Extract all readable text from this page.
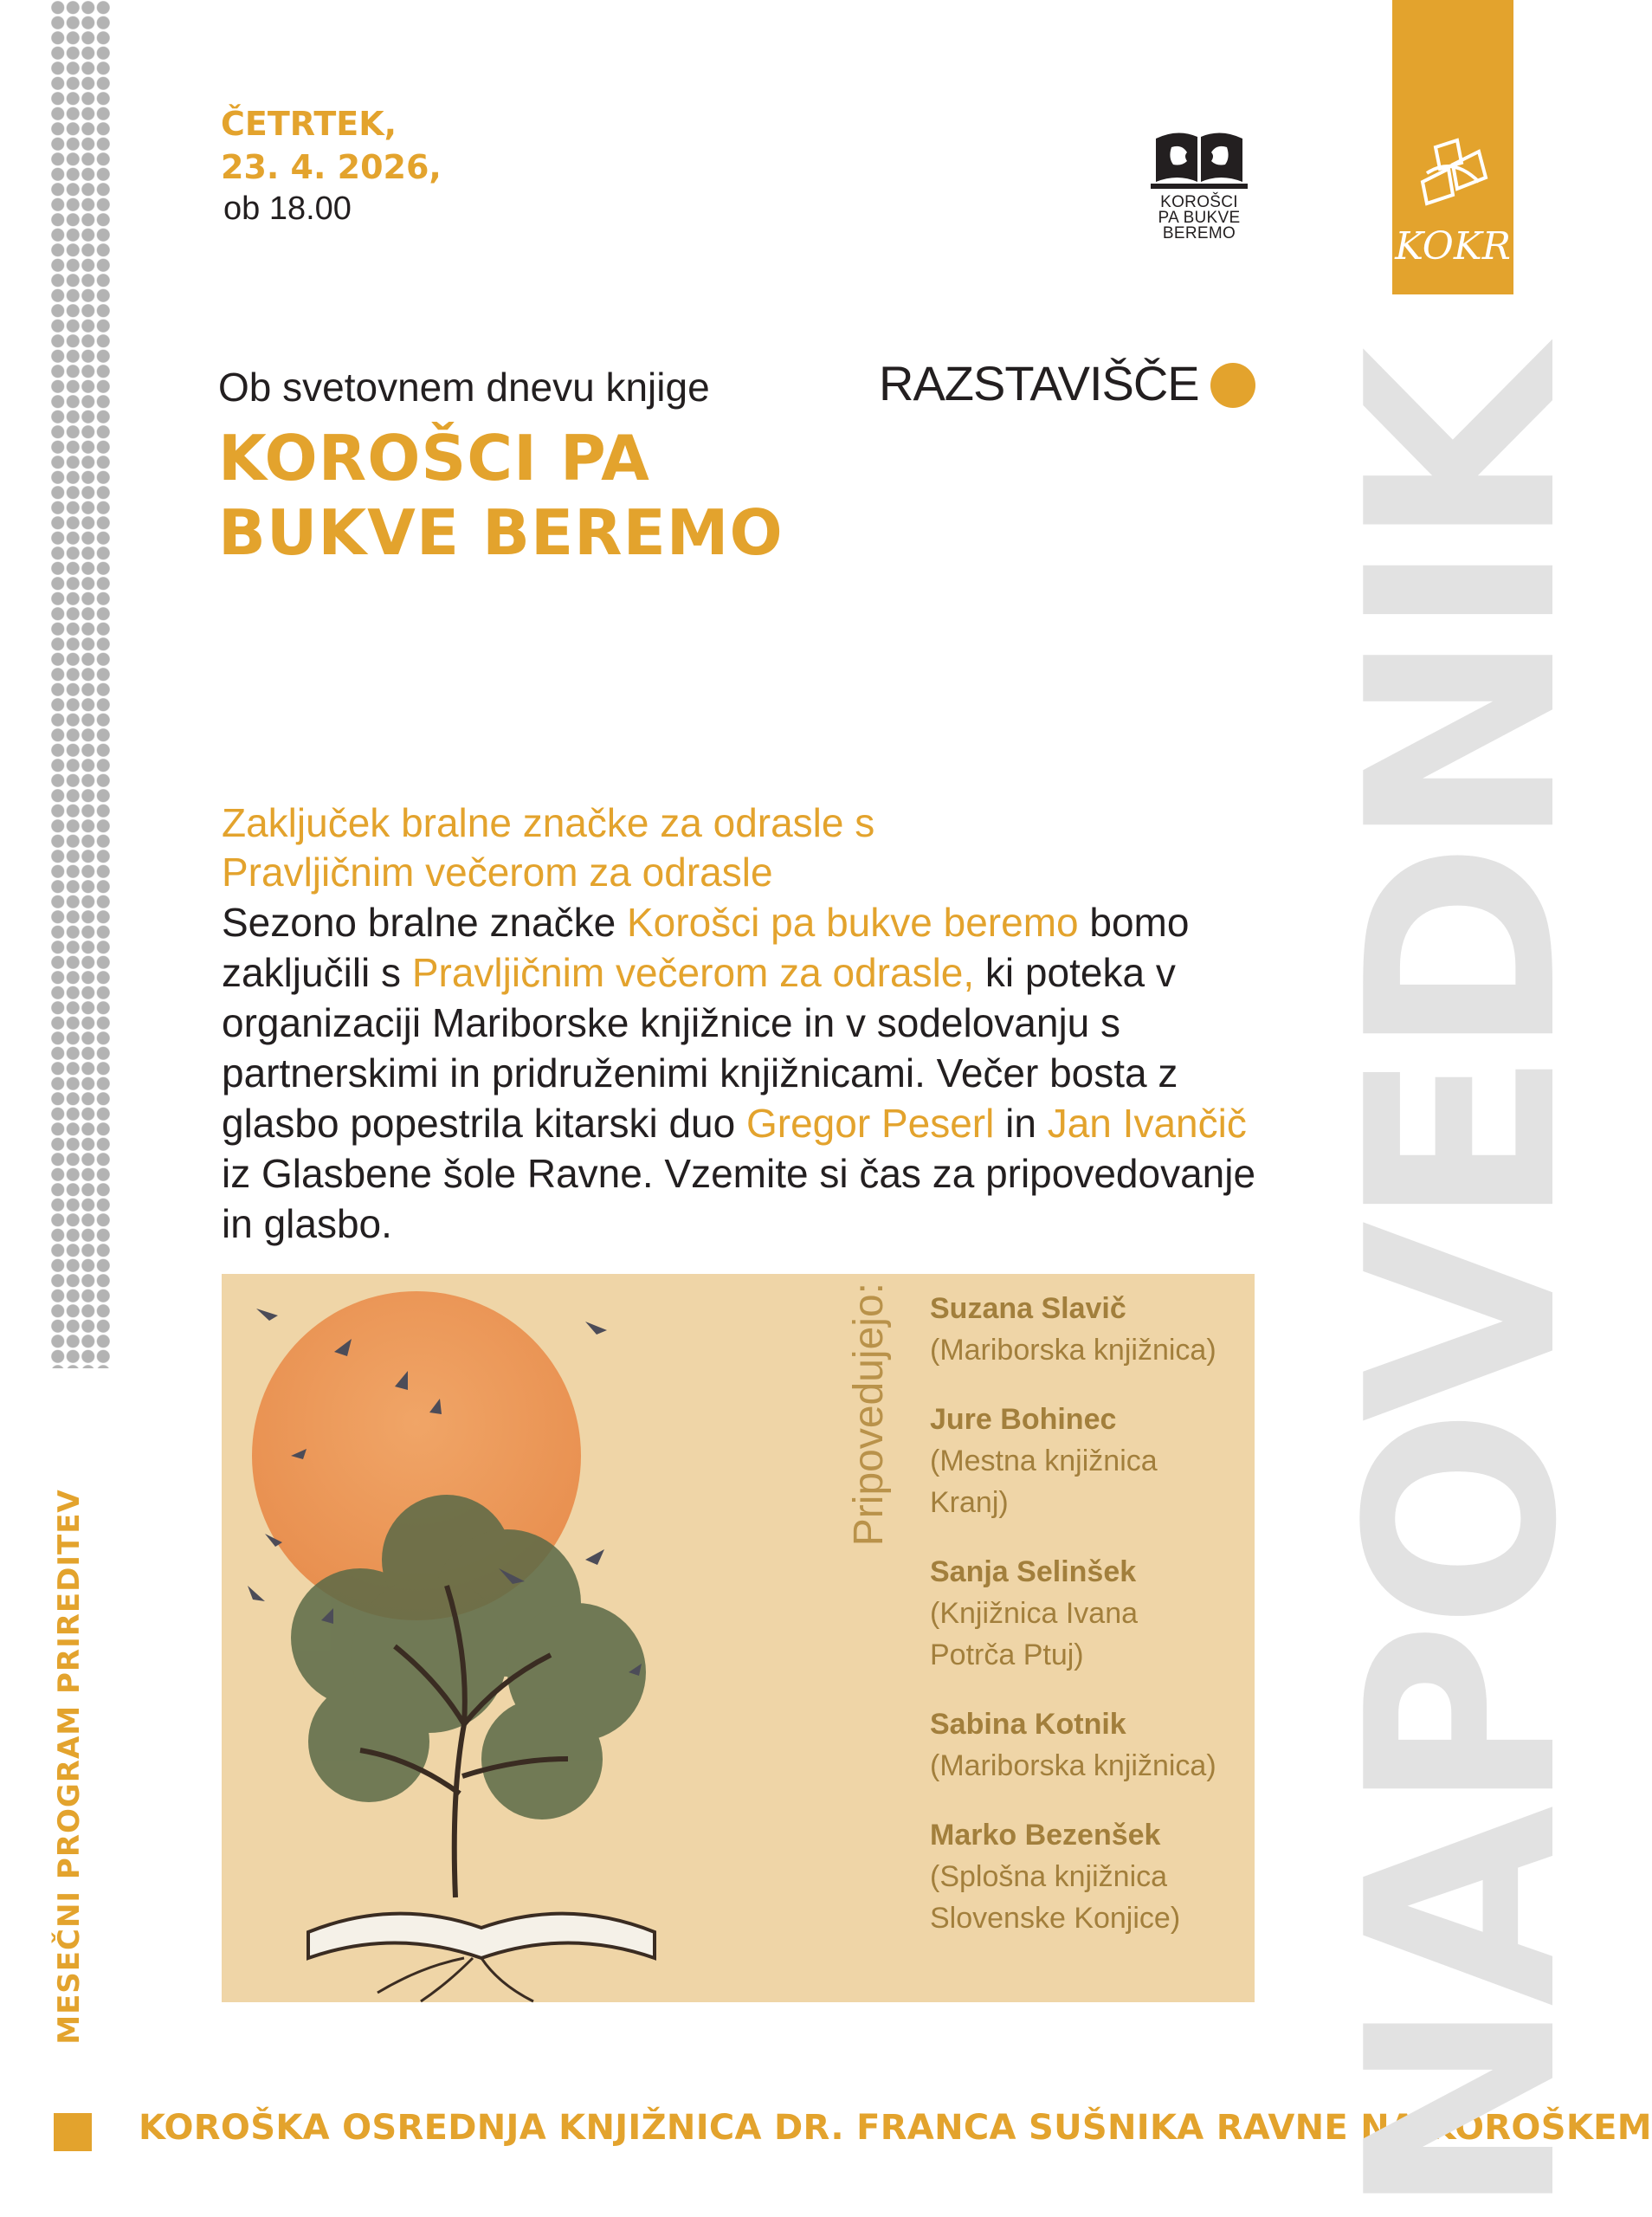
MESEČNI PROGRAM PRIREDITEV
KOROŠKA OSREDNJA KNJIŽNICA DR. FRANCA SUŠNIKA RAVNE NA KOROŠKEM
NAPOVEDNIK
KOKR
ČETRTEK,
23. 4. 2026,
ob 18.00	KOROŠCI
PA BUKVE
BEREMO
Ob svetovnem dnevu knjige
KOROŠCI PA
BUKVE BEREMO
RAZSTAVIŠČE
Zaključek bralne značke za odrasle s
Pravljičnim večerom za odrasle
Sezono bralne značke Korošci pa bukve beremo bomo zaključili s Pravljičnim večerom za odrasle, ki poteka v organizaciji Mariborske knjižnice in v sodelovanju s partnerskimi in pridruženimi knjižnicami. Večer bosta z glasbo popestrila kitarski duo Gregor Peserl in Jan Ivančič iz Glasbene šole Ravne. Vzemite si čas za pripovedovanje in glasbo.
Pripovedujejo: Suzana Slavič
(Mariborska knjižnica)
Jure Bohinec
(Mestna knjižnica
Kranj)
Sanja Selinšek
(Knjižnica Ivana
Potrča Ptuj)
Sabina Kotnik
(Mariborska knjižnica)
Marko Bezenšek
(Splošna knjižnica
Slovenske Konjice)
